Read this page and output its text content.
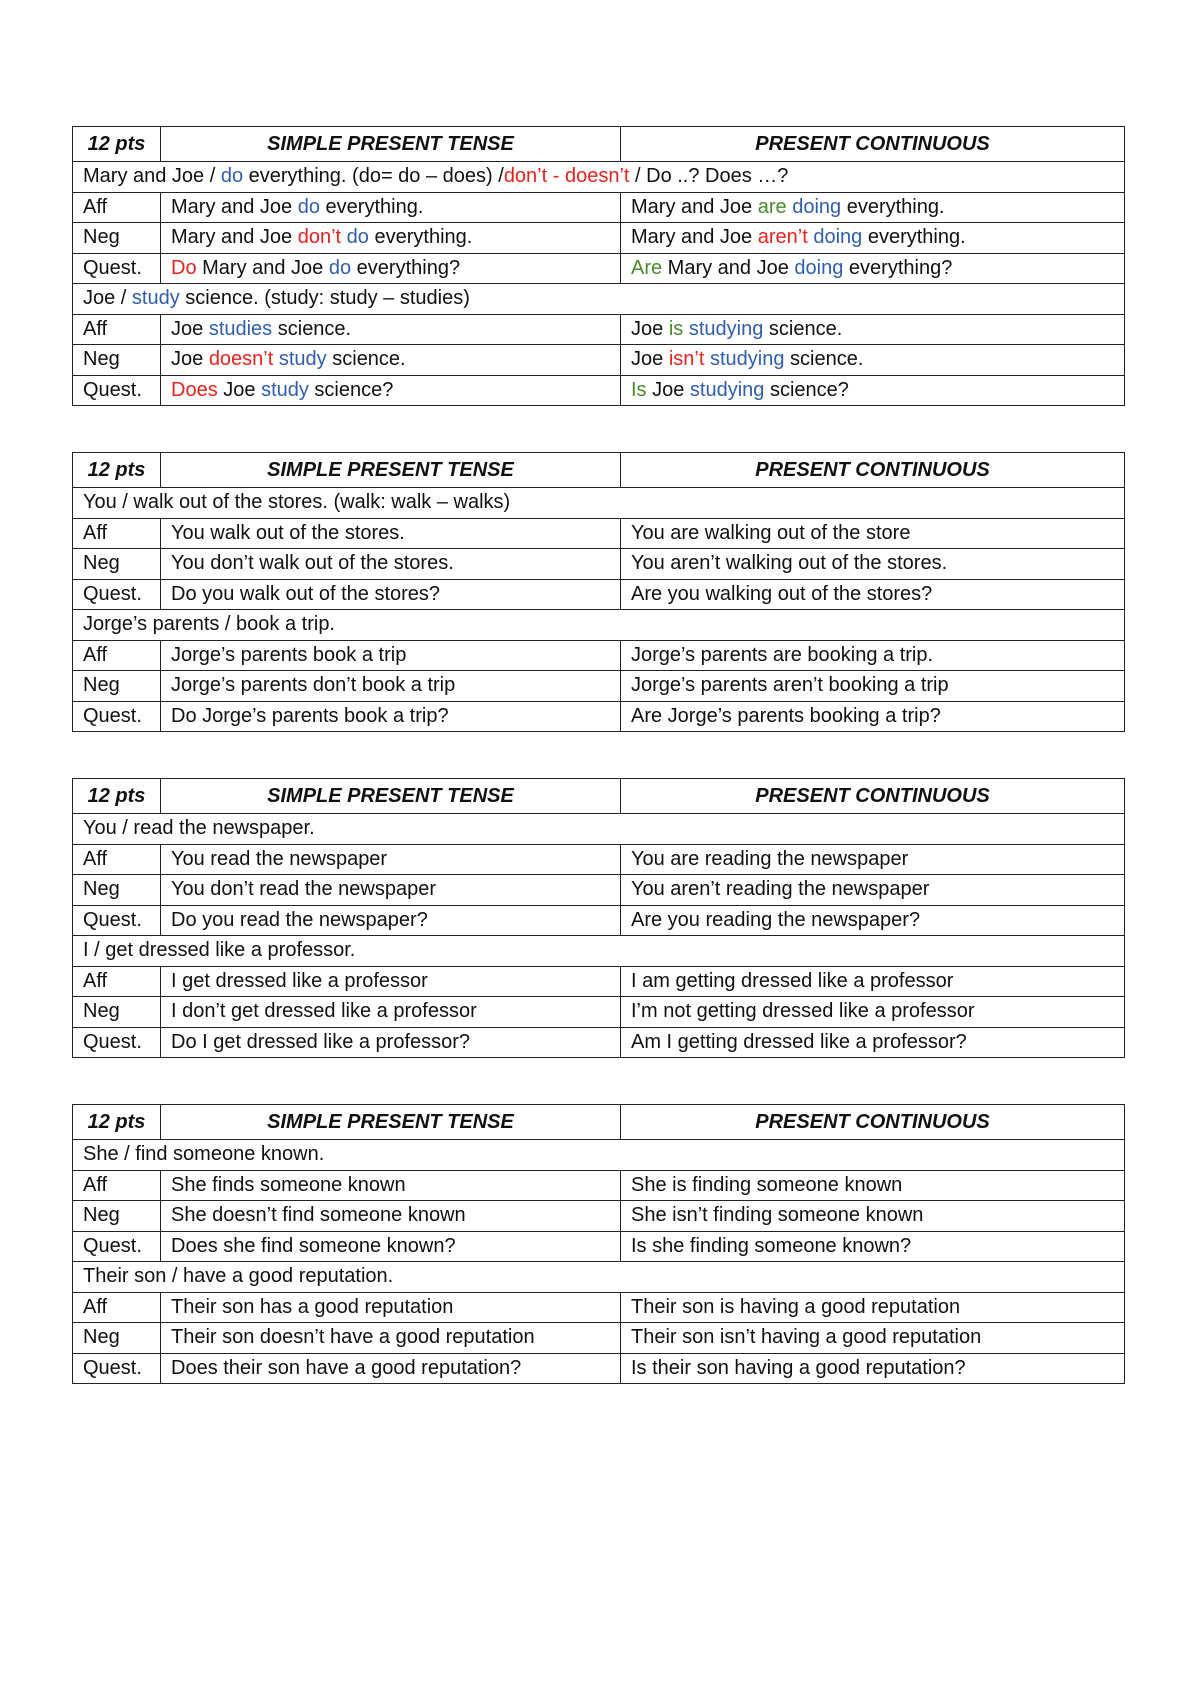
12 pts	SIMPLE PRESENT TENSE	PRESENT CONTINUOUS
Mary and Joe / do everything. (do= do – does) /don’t - doesn’t / Do ..? Does …?		
Aff	Mary and Joe do everything.	Mary and Joe are doing everything.
Neg	Mary and Joe don’t do everything.	Mary and Joe aren’t doing everything.
Quest.	Do Mary and Joe do everything?	Are Mary and Joe doing everything?
Joe / study science. (study: study – studies)		
Aff	Joe studies science.	Joe is studying science.
Neg	Joe doesn’t study science.	Joe isn’t studying science.
Quest.	Does Joe study science?	Is Joe studying science?
12 pts	SIMPLE PRESENT TENSE	PRESENT CONTINUOUS
You / walk out of the stores. (walk: walk – walks)		
Aff	You walk out of the stores.	You are walking out of the store
Neg	You don’t walk out of the stores.	You aren’t walking out of the stores.
Quest.	Do you walk out of the stores?	Are you walking out of the stores?
Jorge’s parents / book a trip.		
Aff	Jorge’s parents book a trip	Jorge’s parents are booking a trip.
Neg	Jorge’s parents don’t book a trip	Jorge’s parents aren’t booking a trip
Quest.	Do Jorge’s parents book a trip?	Are Jorge’s parents booking a trip?
12 pts	SIMPLE PRESENT TENSE	PRESENT CONTINUOUS
You / read the newspaper.		
Aff	You read the newspaper	You are reading the newspaper
Neg	You don’t read the newspaper	You aren’t reading the newspaper
Quest.	Do you read the newspaper?	Are you reading the newspaper?
I / get dressed like a professor.		
Aff	I get dressed like a professor	I am getting dressed like a professor
Neg	I don’t get dressed like a professor	I’m not getting dressed like a professor
Quest.	Do I get dressed like a professor?	Am I getting dressed like a professor?
12 pts	SIMPLE PRESENT TENSE	PRESENT CONTINUOUS
She / find someone known.		
Aff	She finds someone known	She is finding someone known
Neg	She doesn’t find someone known	She isn’t finding someone known
Quest.	Does she find someone known?	Is she finding someone known?
Their son / have a good reputation.		
Aff	Their son has a good reputation	Their son is having a good reputation
Neg	Their son doesn’t have a good reputation	Their son isn’t having a good reputation
Quest.	Does their son have a good reputation?	Is their son having a good reputation?
